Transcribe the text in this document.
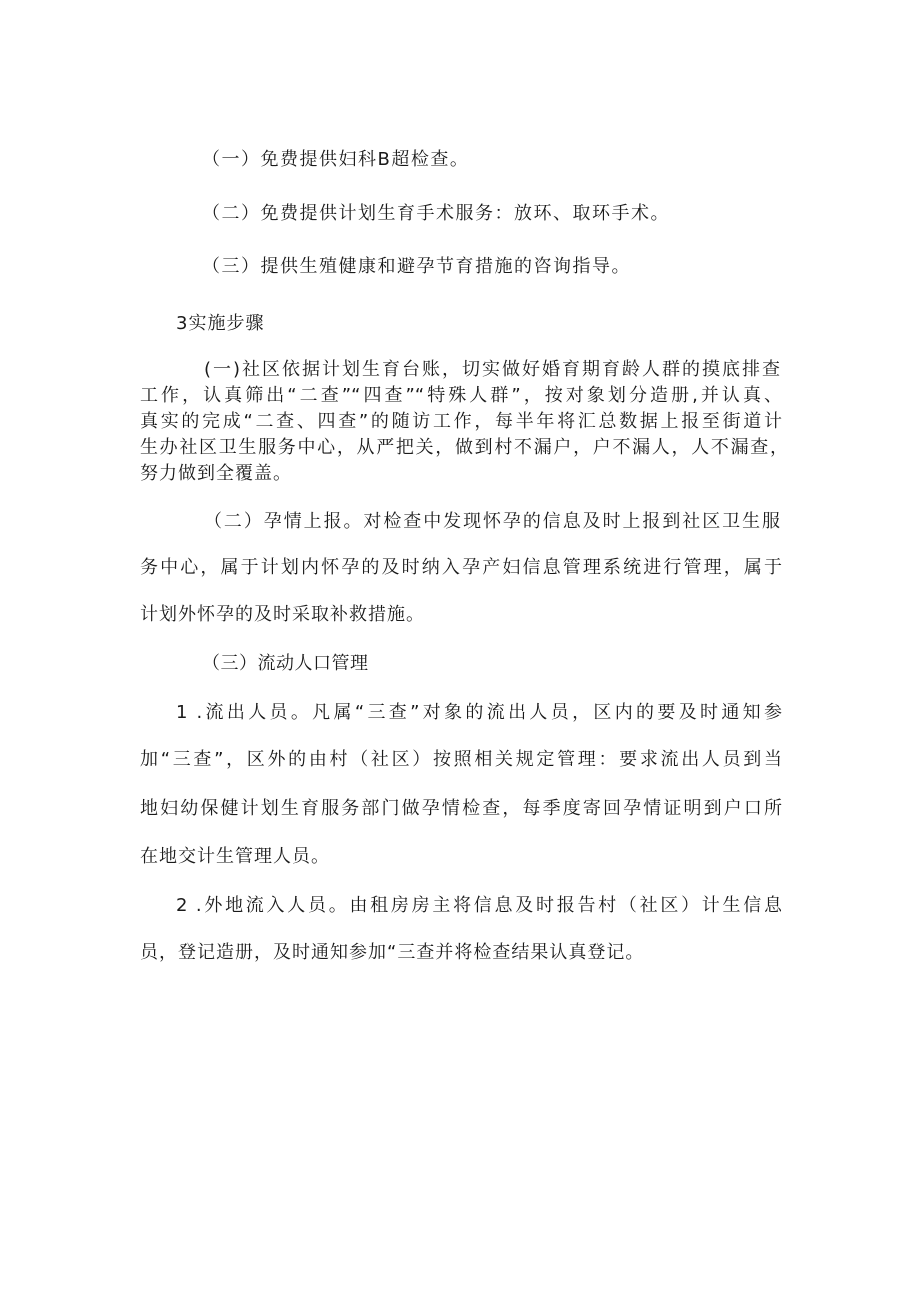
（一）免费提供妇科B超检查。

（二）免费提供计划生育手术服务：放环、取环手术。

（三）提供生殖健康和避孕节育措施的咨询指导。

3实施步骤

(一)社区依据计划生育台账，切实做好婚育期育龄人群的摸底排查

工作，认真筛出“二查”“四查”“特殊人群”，按对象划分造册,并认真、

真实的完成“二查、四查”的随访工作，每半年将汇总数据上报至街道计

生办社区卫生服务中心，从严把关，做到村不漏户，户不漏人，人不漏查，

努力做到全覆盖。

（二）孕情上报。对检查中发现怀孕的信息及时上报到社区卫生服

务中心，属于计划内怀孕的及时纳入孕产妇信息管理系统进行管理，属于

计划外怀孕的及时采取补救措施。

（三）流动人口管理

1 .流出人员。凡属“三查”对象的流出人员，区内的要及时通知参

加“三查”，区外的由村（社区）按照相关规定管理：要求流出人员到当

地妇幼保健计划生育服务部门做孕情检查，每季度寄回孕情证明到户口所

在地交计生管理人员。

2 .外地流入人员。由租房房主将信息及时报告村（社区）计生信息

员，登记造册，及时通知参加“三查并将检查结果认真登记。
